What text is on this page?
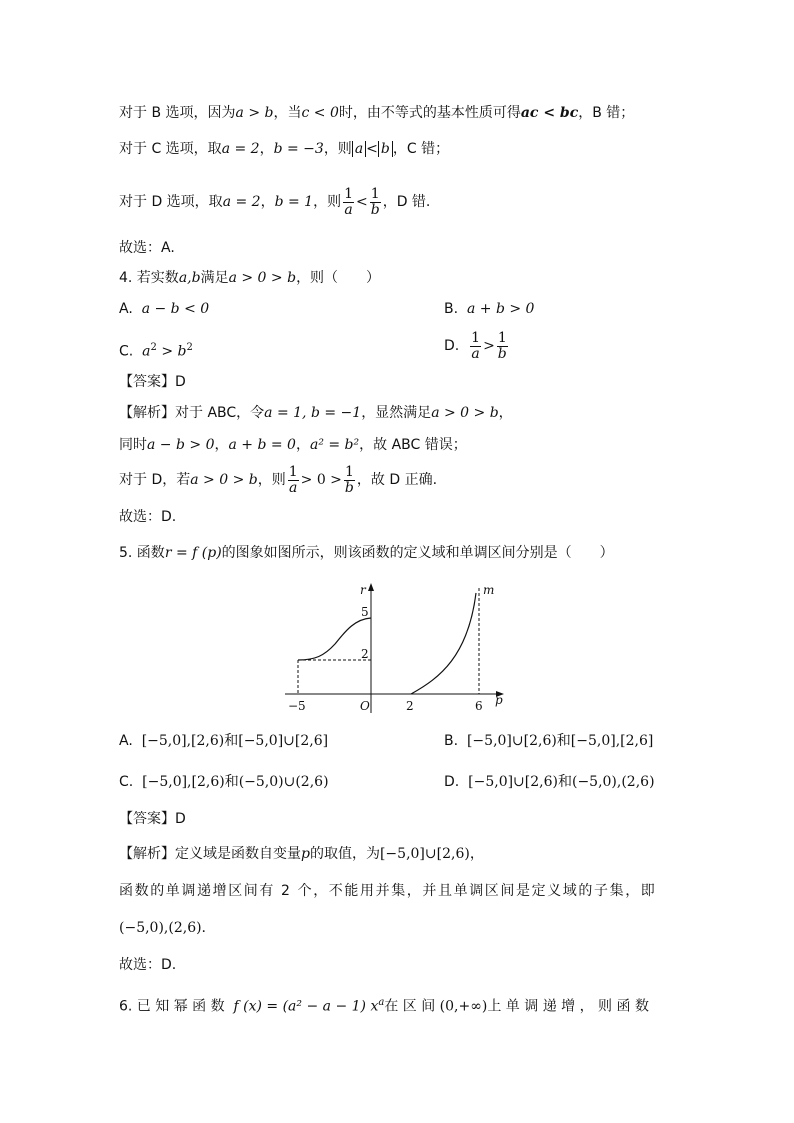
对于 B 选项，因为a > b，当c < 0时，由不等式的基本性质可得ac < bc，B 错；
对于 C 选项，取a = 2，b = −3，则 a < b ，C 错；
对于 D 选项，取a = 2，b = 1，则 $\frac{1}{a} < \frac{1}{b}$ ，D 错.
故选：A.
4. 若实数a,b满足a > 0 > b，则（　　）
A. a − b < 0	B. a + b > 0
C. $a^2 > b^2$	D. $\frac{1}{a} > \frac{1}{b}$
【答案】D
【解析】对于 ABC，令a = 1, b = −1，显然满足a > 0 > b，
同时a − b > 0，a + b = 0，a² = b²，故 ABC 错误；
对于 D，若a > 0 > b，则 $\frac{1}{a} > 0 > \frac{1}{b}$ ，故 D 正确.
故选：D.
5. 函数r = f (p)的图象如图所示，则该函数的定义域和单调区间分别是（　　）
r
p
m
5
2
−5	O	2	6
A. [−5,0],[2,6)和[−5,0]∪[2,6]	B. [−5,0]∪[2,6)和[−5,0],[2,6]
C. [−5,0],[2,6)和(−5,0)∪(2,6)	D. [−5,0]∪[2,6)和(−5,0),(2,6)
【答案】D
【解析】定义域是函数自变量p的取值，为[−5,0]∪[2,6)，
函数的单调递增区间有 2 个，不能用并集，并且单调区间是定义域的子集，即
(−5,0),(2,6).
故选：D.
6. 已 知 幂 函 数 f (x) = (a² − a − 1) $x^a$在 区 间 (0,+∞)上 单 调 递 增 ， 则 函 数
